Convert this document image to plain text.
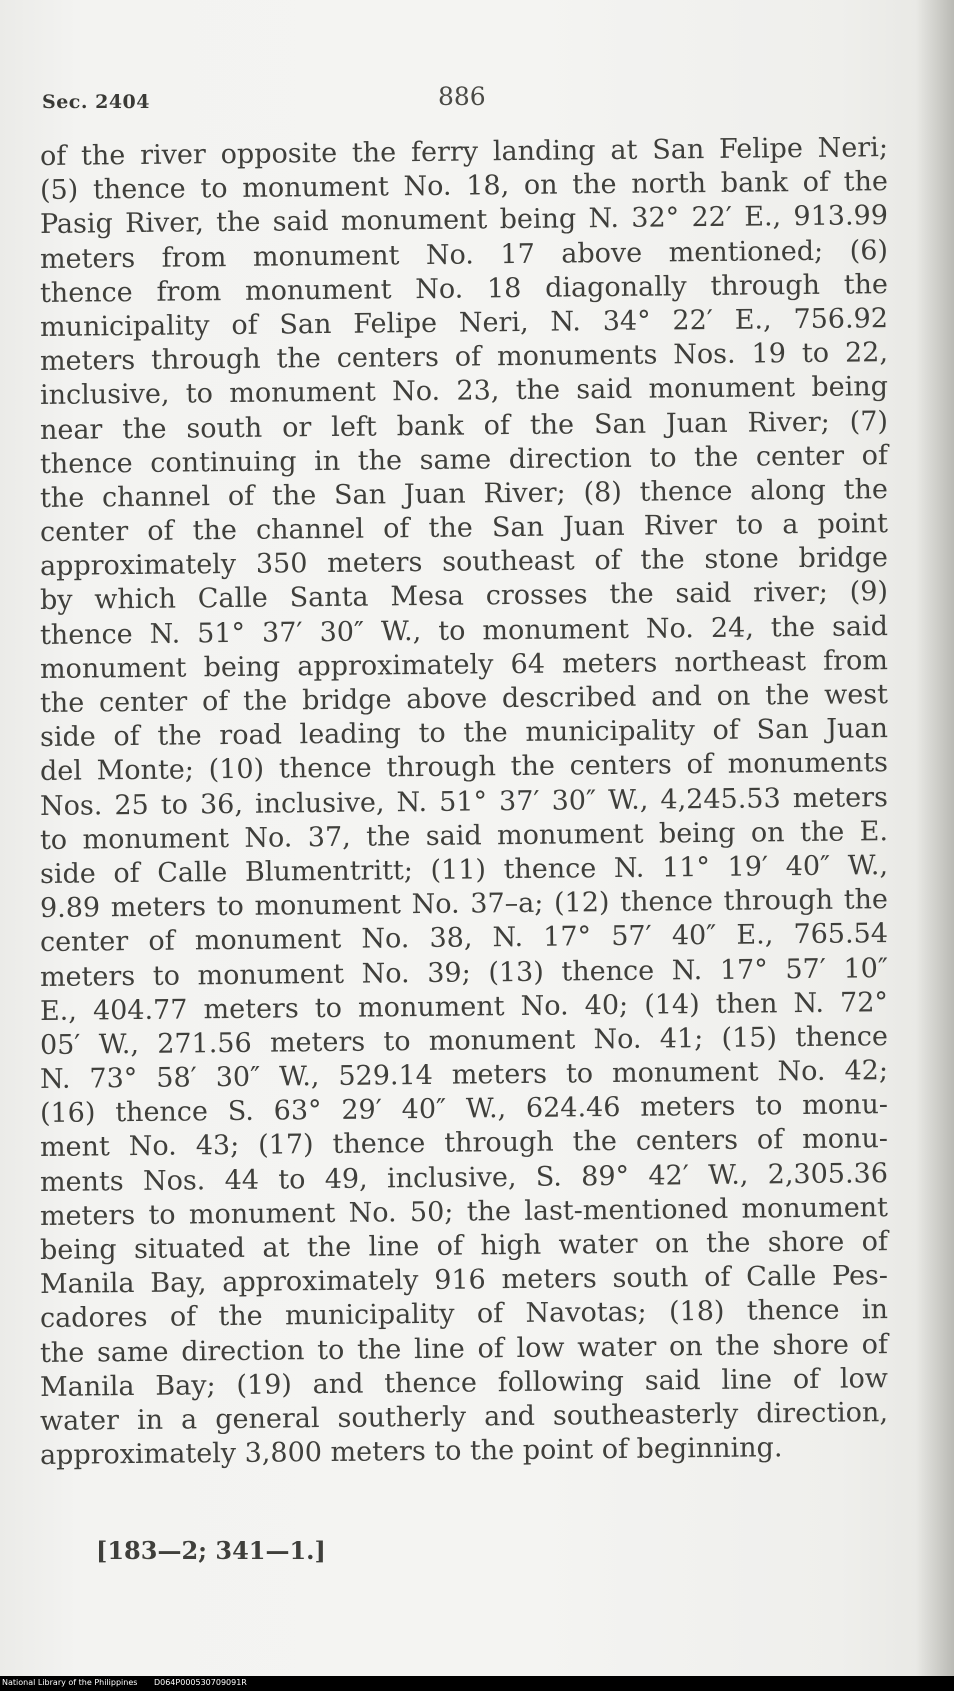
Sec. 2404	886
of the river opposite the ferry landing at San Felipe Neri;
(5) thence to monument No. 18, on the north bank of the
Pasig River, the said monument being N. 32° 22′ E., 913.99
meters from monument No. 17 above mentioned; (6)
thence from monument No. 18 diagonally through the
municipality of San Felipe Neri, N. 34° 22′ E., 756.92
meters through the centers of monuments Nos. 19 to 22,
inclusive, to monument No. 23, the said monument being
near the south or left bank of the San Juan River; (7)
thence continuing in the same direction to the center of
the channel of the San Juan River; (8) thence along the
center of the channel of the San Juan River to a point
approximately 350 meters southeast of the stone bridge
by which Calle Santa Mesa crosses the said river; (9)
thence N. 51° 37′ 30″ W., to monument No. 24, the said
monument being approximately 64 meters northeast from
the center of the bridge above described and on the west
side of the road leading to the municipality of San Juan
del Monte; (10) thence through the centers of monuments
Nos. 25 to 36, inclusive, N. 51° 37′ 30″ W., 4,245.53 meters
to monument No. 37, the said monument being on the E.
side of Calle Blumentritt; (11) thence N. 11° 19′ 40″ W.,
9.89 meters to monument No. 37–a; (12) thence through the
center of monument No. 38, N. 17° 57′ 40″ E., 765.54
meters to monument No. 39; (13) thence N. 17° 57′ 10″
E., 404.77 meters to monument No. 40; (14) then N. 72°
05′ W., 271.56 meters to monument No. 41; (15) thence
N. 73° 58′ 30″ W., 529.14 meters to monument No. 42;
(16) thence S. 63° 29′ 40″ W., 624.46 meters to monu-
ment No. 43; (17) thence through the centers of monu-
ments Nos. 44 to 49, inclusive, S. 89° 42′ W., 2,305.36
meters to monument No. 50; the last-mentioned monument
being situated at the line of high water on the shore of
Manila Bay, approximately 916 meters south of Calle Pes-
cadores of the municipality of Navotas; (18) thence in
the same direction to the line of low water on the shore of
Manila Bay; (19) and thence following said line of low
water in a general southerly and southeasterly direction,
approximately 3,800 meters to the point of beginning.
[183—2; 341—1.]
National Library of the Philippines D064P000530709091R
